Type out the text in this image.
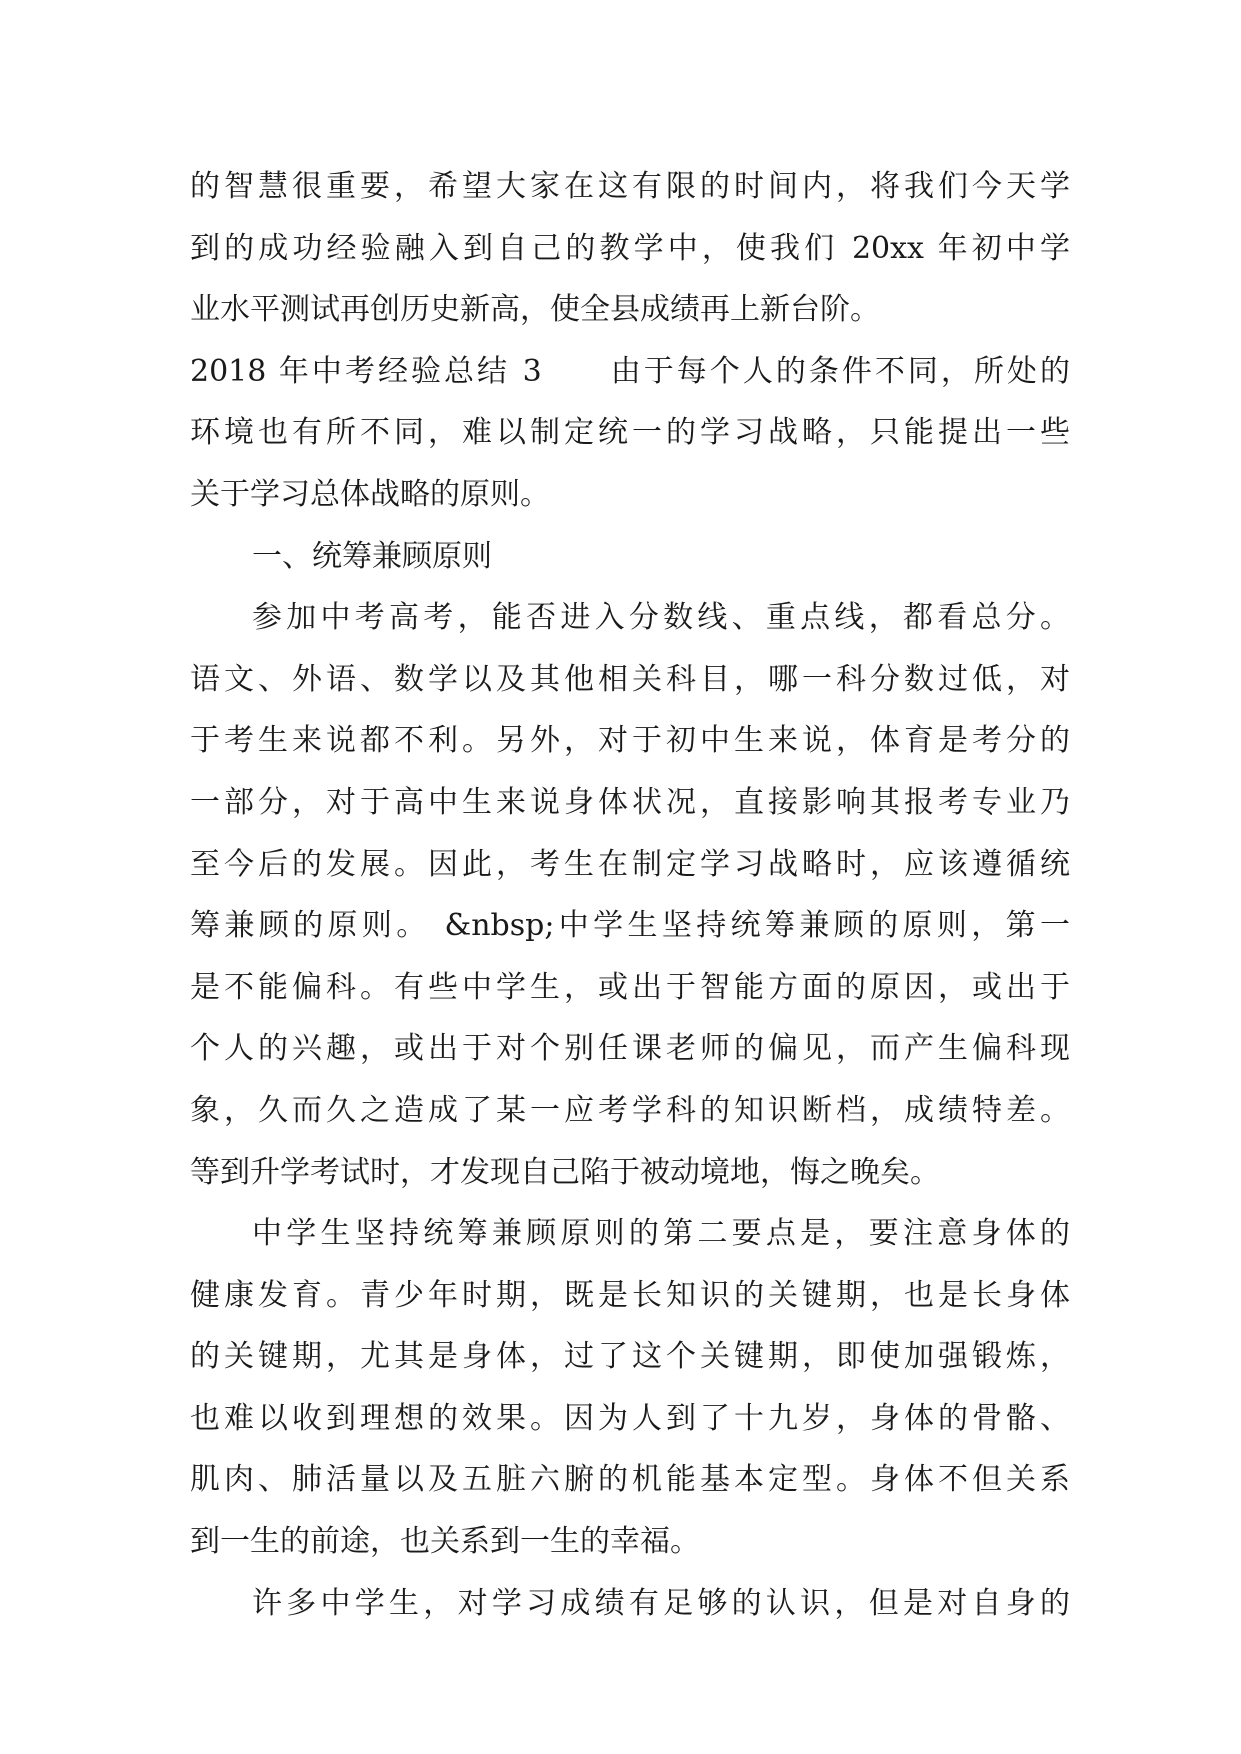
的智慧很重要，希望大家在这有限的时间内，将我们今天学
到的成功经验融入到自己的教学中，使我们 20xx 年初中学
业水平测试再创历史新高，使全县成绩再上新台阶。
2018 年中考经验总结 3　　由于每个人的条件不同，所处的
环境也有所不同，难以制定统一的学习战略，只能提出一些
关于学习总体战略的原则。
一、统筹兼顾原则
参加中考高考，能否进入分数线、重点线，都看总分。
语文、外语、数学以及其他相关科目，哪一科分数过低，对
于考生来说都不利。另外，对于初中生来说，体育是考分的
一部分，对于高中生来说身体状况，直接影响其报考专业乃
至今后的发展。因此，考生在制定学习战略时，应该遵循统
筹兼顾的原则。 &nbsp;中学生坚持统筹兼顾的原则，第一
是不能偏科。有些中学生，或出于智能方面的原因，或出于
个人的兴趣，或出于对个别任课老师的偏见，而产生偏科现
象，久而久之造成了某一应考学科的知识断档，成绩特差。
等到升学考试时，才发现自己陷于被动境地，悔之晚矣。
中学生坚持统筹兼顾原则的第二要点是，要注意身体的
健康发育。青少年时期，既是长知识的关键期，也是长身体
的关键期，尤其是身体，过了这个关键期，即使加强锻炼，
也难以收到理想的效果。因为人到了十九岁，身体的骨骼、
肌肉、肺活量以及五脏六腑的机能基本定型。身体不但关系
到一生的前途，也关系到一生的幸福。
许多中学生，对学习成绩有足够的认识，但是对自身的
